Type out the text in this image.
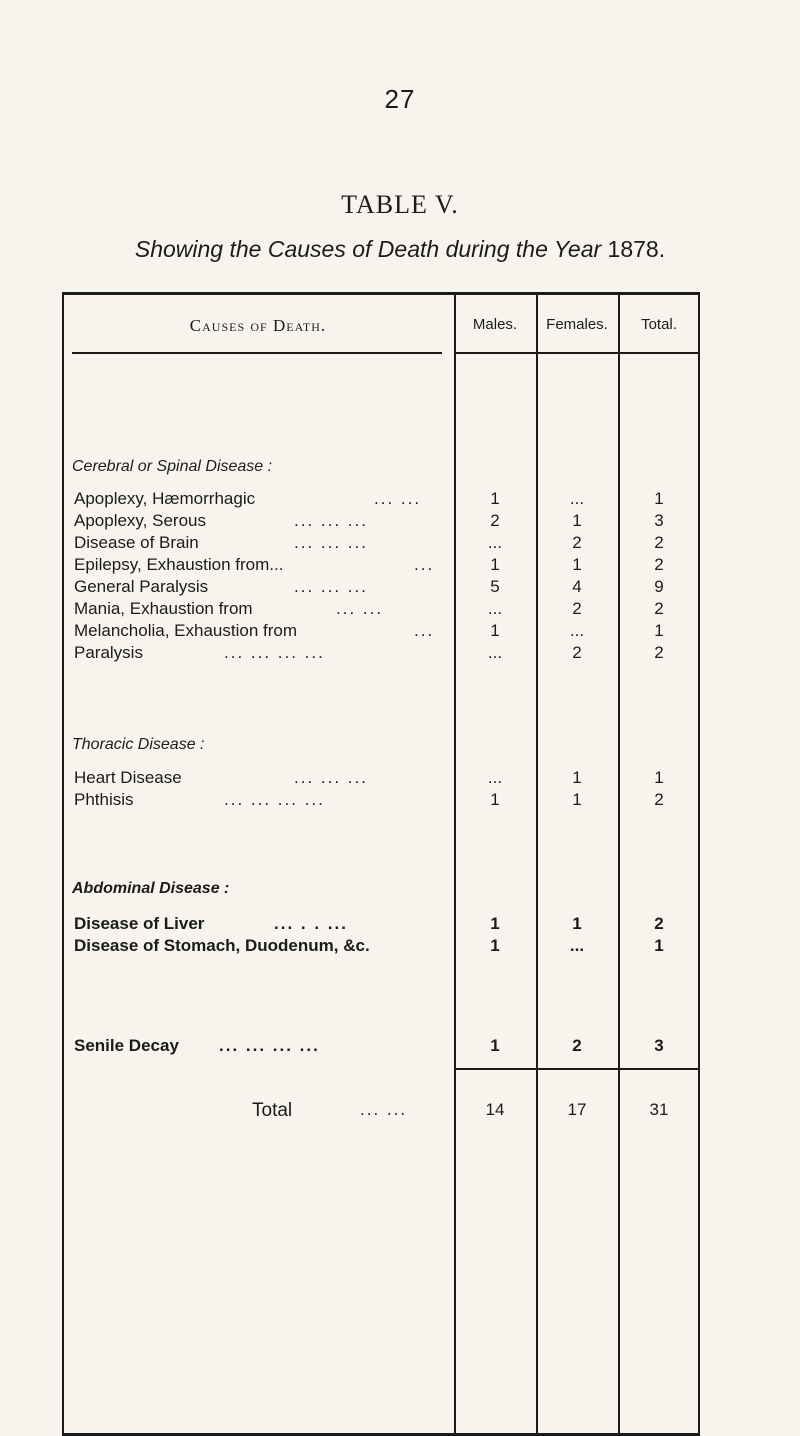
27
TABLE V.
Showing the Causes of Death during the Year 1878.
Causes of Death.	Males.	Females.	Total.
Cerebral or Spinal Disease :
Apoplexy, Hæmorrhagic	... ...	1	...	1
Apoplexy, Serous	... ... ...	2	1	3
Disease of Brain	... ... ...	...	2	2
Epilepsy, Exhaustion from...	...	1	1	2
General Paralysis	... ... ...	5	4	9
Mania, Exhaustion from	... ...	...	2	2
Melancholia, Exhaustion from	...	1	...	1
Paralysis	... ... ... ...	...	2	2
Thoracic Disease :
Heart Disease	... ... ...	...	1	1
Phthisis	... ... ... ...	1	1	2
Abdominal Disease :
Disease of Liver	... . . ...	1	1	2
Disease of Stomach, Duodenum, &c.	1	...	1
Senile Decay ... ... ... ...	1	2	3
Total	... ...	14	17	31
